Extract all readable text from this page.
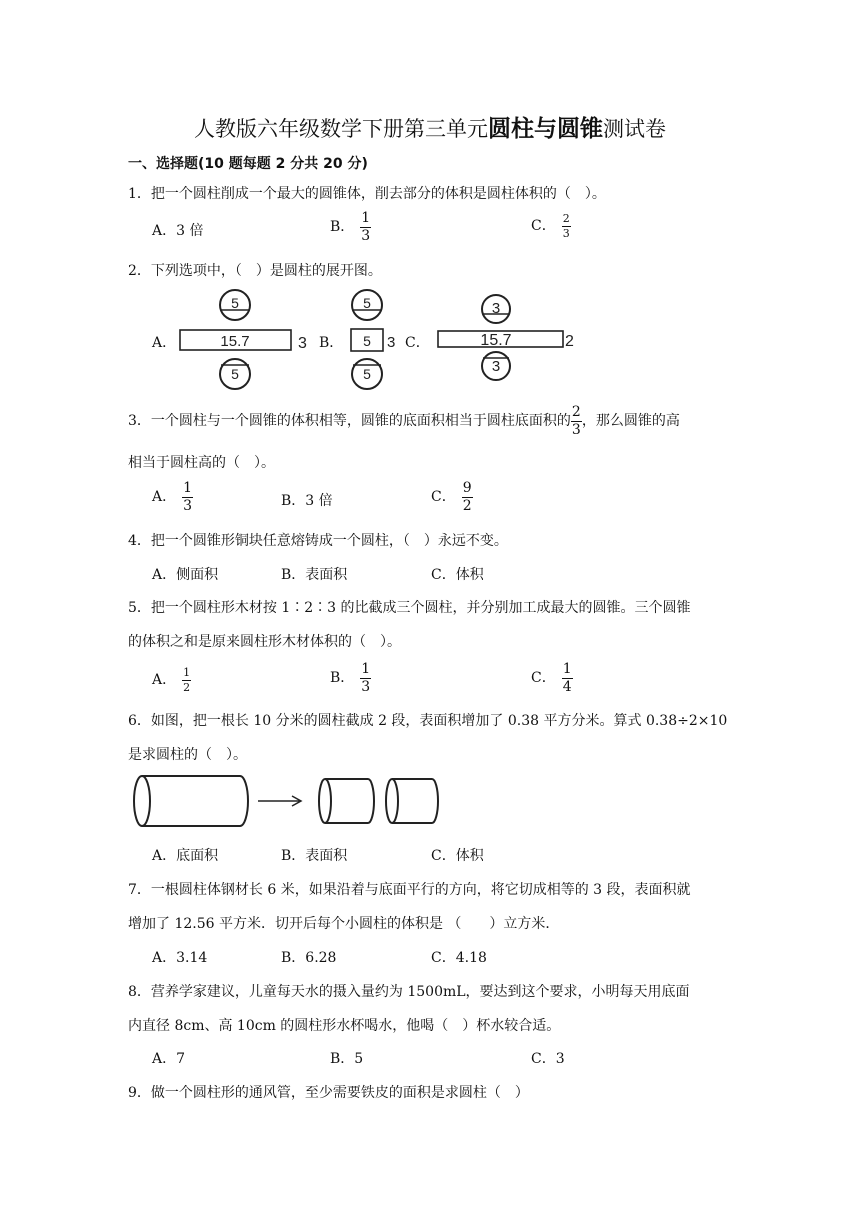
人教版六年级数学下册第三单元圆柱与圆锥测试卷
一、选择题(10 题每题 2 分共 20 分)
1．把一个圆柱削成一个最大的圆锥体，削去部分的体积是圆柱体积的（　）。
A．3 倍	B． $\frac{1}{3}$	C． $\frac{2}{3}$
2．下列选项中，（　）是圆柱的展开图。
A．	B．	C．
5
15.7
5
3
5
5
5
3
3
15.7
3
2
3．一个圆柱与一个圆锥的体积相等，圆锥的底面积相当于圆柱底面积的 $\frac{2}{3}$ ，那么圆锥的高
相当于圆柱高的（　）。
A． $\frac{1}{3}$	B．3 倍	C． $\frac{9}{2}$
4．把一个圆锥形铜块任意熔铸成一个圆柱，（　）永远不变。
A．侧面积	B．表面积	C．体积
5．把一个圆柱形木材按 1∶2∶3 的比截成三个圆柱，并分别加工成最大的圆锥。三个圆锥
的体积之和是原来圆柱形木材体积的（　）。
A． $\frac{1}{2}$	B． $\frac{1}{3}$	C． $\frac{1}{4}$
6．如图，把一根长 10 分米的圆柱截成 2 段，表面积增加了 0.38 平方分米。算式 0.38÷2×10
是求圆柱的（　）。
A．底面积	B．表面积	C．体积
7．一根圆柱体钢材长 6 米，如果沿着与底面平行的方向，将它切成相等的 3 段，表面积就
增加了 12.56 平方米．切开后每个小圆柱的体积是 （　　）立方米．
A．3.14	B．6.28	C．4.18
8．营养学家建议，儿童每天水的摄入量约为 1500mL，要达到这个要求，小明每天用底面
内直径 8cm、高 10cm 的圆柱形水杯喝水，他喝（　）杯水较合适。
A．7	B．5	C．3
9．做一个圆柱形的通风管，至少需要铁皮的面积是求圆柱（　）
